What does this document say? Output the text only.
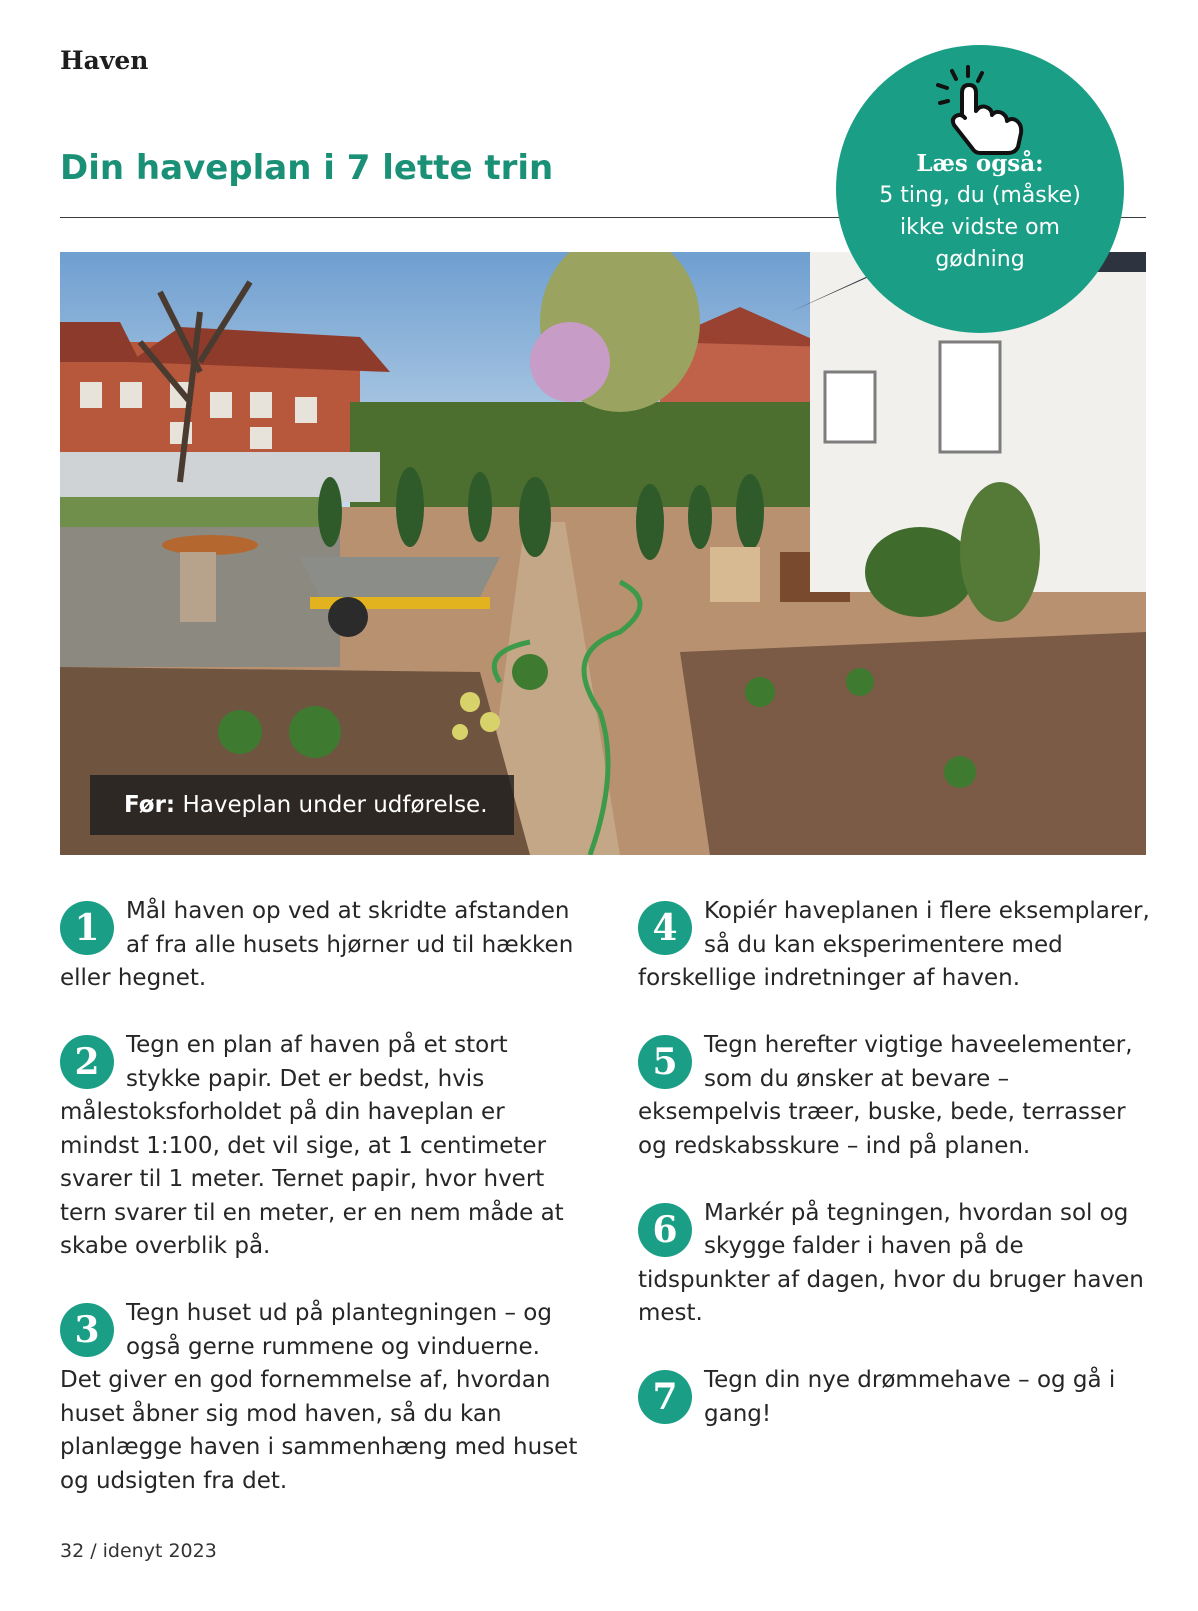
Haven
Din haveplan i 7 lette trin
Før: Haveplan under udførelse.
Læs også:
5 ting, du (måske) ikke vidste om gødning
1	Mål haven op ved at skridte afstanden af fra alle husets hjørner ud til hækken eller hegnet.
2	Tegn en plan af haven på et stort stykke papir. Det er bedst, hvis målestoksforholdet på din haveplan er mindst 1:100, det vil sige, at 1 centimeter svarer til 1 meter. Ternet papir, hvor hvert tern svarer til en meter, er en nem måde at skabe overblik på.
3	Tegn huset ud på plantegningen – og også gerne rummene og vinduerne. Det giver en god fornemmelse af, hvordan huset åbner sig mod haven, så du kan planlægge haven i sammenhæng med huset og udsigten fra det.
4	Kopiér haveplanen i flere eksemplarer, så du kan eksperimentere med forskellige indretninger af haven.
5	Tegn herefter vigtige haveelementer, som du ønsker at bevare – eksempelvis træer, buske, bede, terrasser og redskabsskure – ind på planen.
6	Markér på tegningen, hvordan sol og skygge falder i haven på de tidspunkter af dagen, hvor du bruger haven mest.
7	Tegn din nye drømmehave – og gå i gang!
32 / idenyt 2023
